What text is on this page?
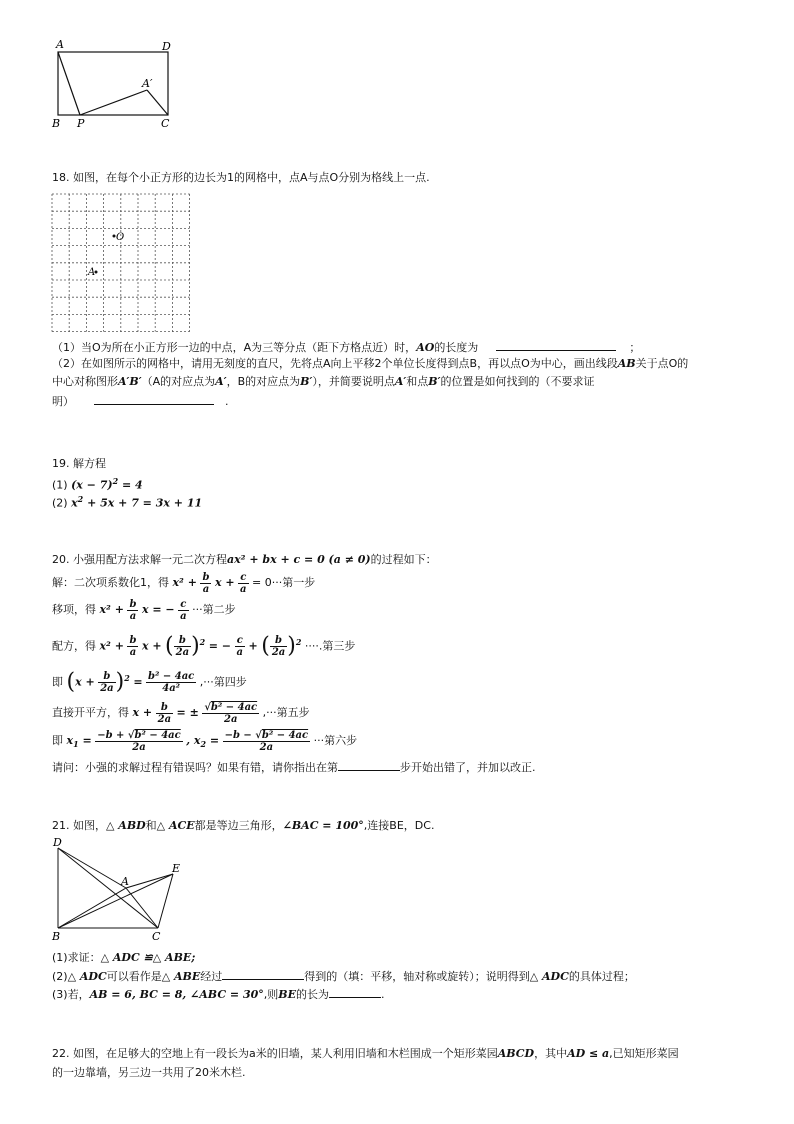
A	D
A′
B P	C
18. 如图，在每个小正方形的边长为1的网格中，点A与点O分别为格线上一点.
O
A
（1）当O为所在小正方形一边的中点，A为三等分点（距下方格点近）时，AO的长度为	；
（2）在如图所示的网格中，请用无刻度的直尺，先将点A向上平移2个单位长度得到点B，再以点O为中心，画出线段AB关于点O的
中心对称图形A′B′（A的对应点为A′，B的对应点为B′），并简要说明点A′和点B′的位置是如何找到的（不要求证
明）	.
19. 解方程
(1) $(x - 7)^2 = 4$
(2) $x^2 + 5x + 7 = 3x + 11$
20. 小强用配方法求解一元二次方程ax² + bx + c = 0 (a ≠ 0)的过程如下：
解：二次项系数化1，得 $x^2 + \frac{b}{a}$ $x + \frac{c}{a} = 0\cdot\cdot\cdot$第一步
移项，得 $x^2 + \frac{b}{a}$ x = − $\frac{c}{a}$ ···第二步
配方，得 $x^2 + \frac{b}{a}$ x + ( $\frac{b}{2a} )^2$ = − $\frac{c}{a}$ + ( $\frac{b}{2a} )^2$ ····.第三步
即 $(x + \frac{b}{2a} )^2 = \frac{\text{b² − 4ac}}{\text{4a²}}$ ,···第四步
直接开平方，得 $x + \frac{b}{2a}$ = ± $\frac{\text{√b² − 4ac}}{2a}$ ,···第五步
即 $x_1 = \frac{\text{−b + √b² − 4ac}}{2a}$ , $x_2 = \frac{\text{−b − √b² − 4ac}}{2a}$ ···第六步
请问：小强的求解过程有错误吗？如果有错，请你指出在第	步开始出错了，并加以改正.
21. 如图，△ ABD和△ ACE都是等边三角形，∠BAC = 100°,连接BE，DC.
D
A
E
B	C
(1)求证：△ ADC ≌△ ABE;
(2)△ ADC可以看作是△ ABE经过	得到的（填：平移，轴对称或旋转）；说明得到△ ADC的具体过程；
(3)若，AB = 6, BC = 8, ∠ABC = 30°,则BE的长为	.
22. 如图，在足够大的空地上有一段长为a米的旧墙，某人利用旧墙和木栏围成一个矩形菜园ABCD，其中AD ≤ a,已知矩形菜园
的一边靠墙，另三边一共用了20米木栏.
